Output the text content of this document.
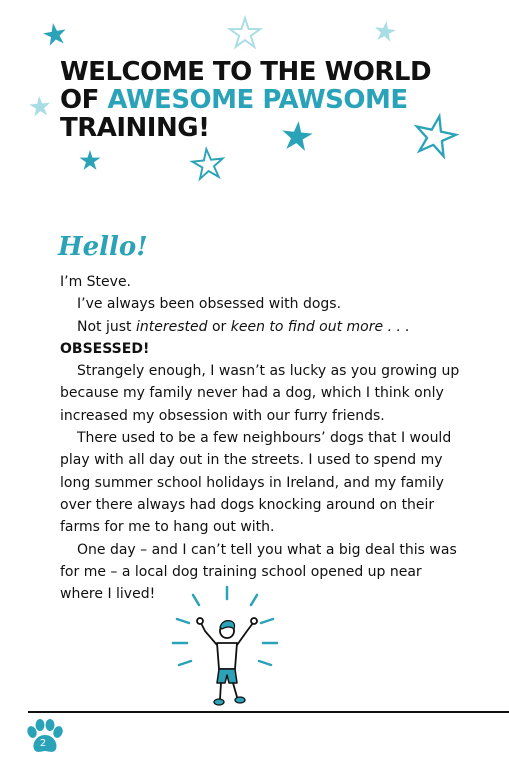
WELCOME TO THE WORLD
OF AWESOME PAWSOME
TRAINING!
Hello!

I’m Steve.

I’ve always been obsessed with dogs.

Not just interested or keen to find out more . . .

OBSESSED!

Strangely enough, I wasn’t as lucky as you growing up because my family never had a dog, which I think only increased my obsession with our furry friends.

There used to be a few neighbours’ dogs that I would play with all day out in the streets. I used to spend my long summer school holidays in Ireland, and my family over there always had dogs knocking around on their farms for me to hang out with.

One day – and I can’t tell you what a big deal this was for me – a local dog training school opened up near where I lived!

2
